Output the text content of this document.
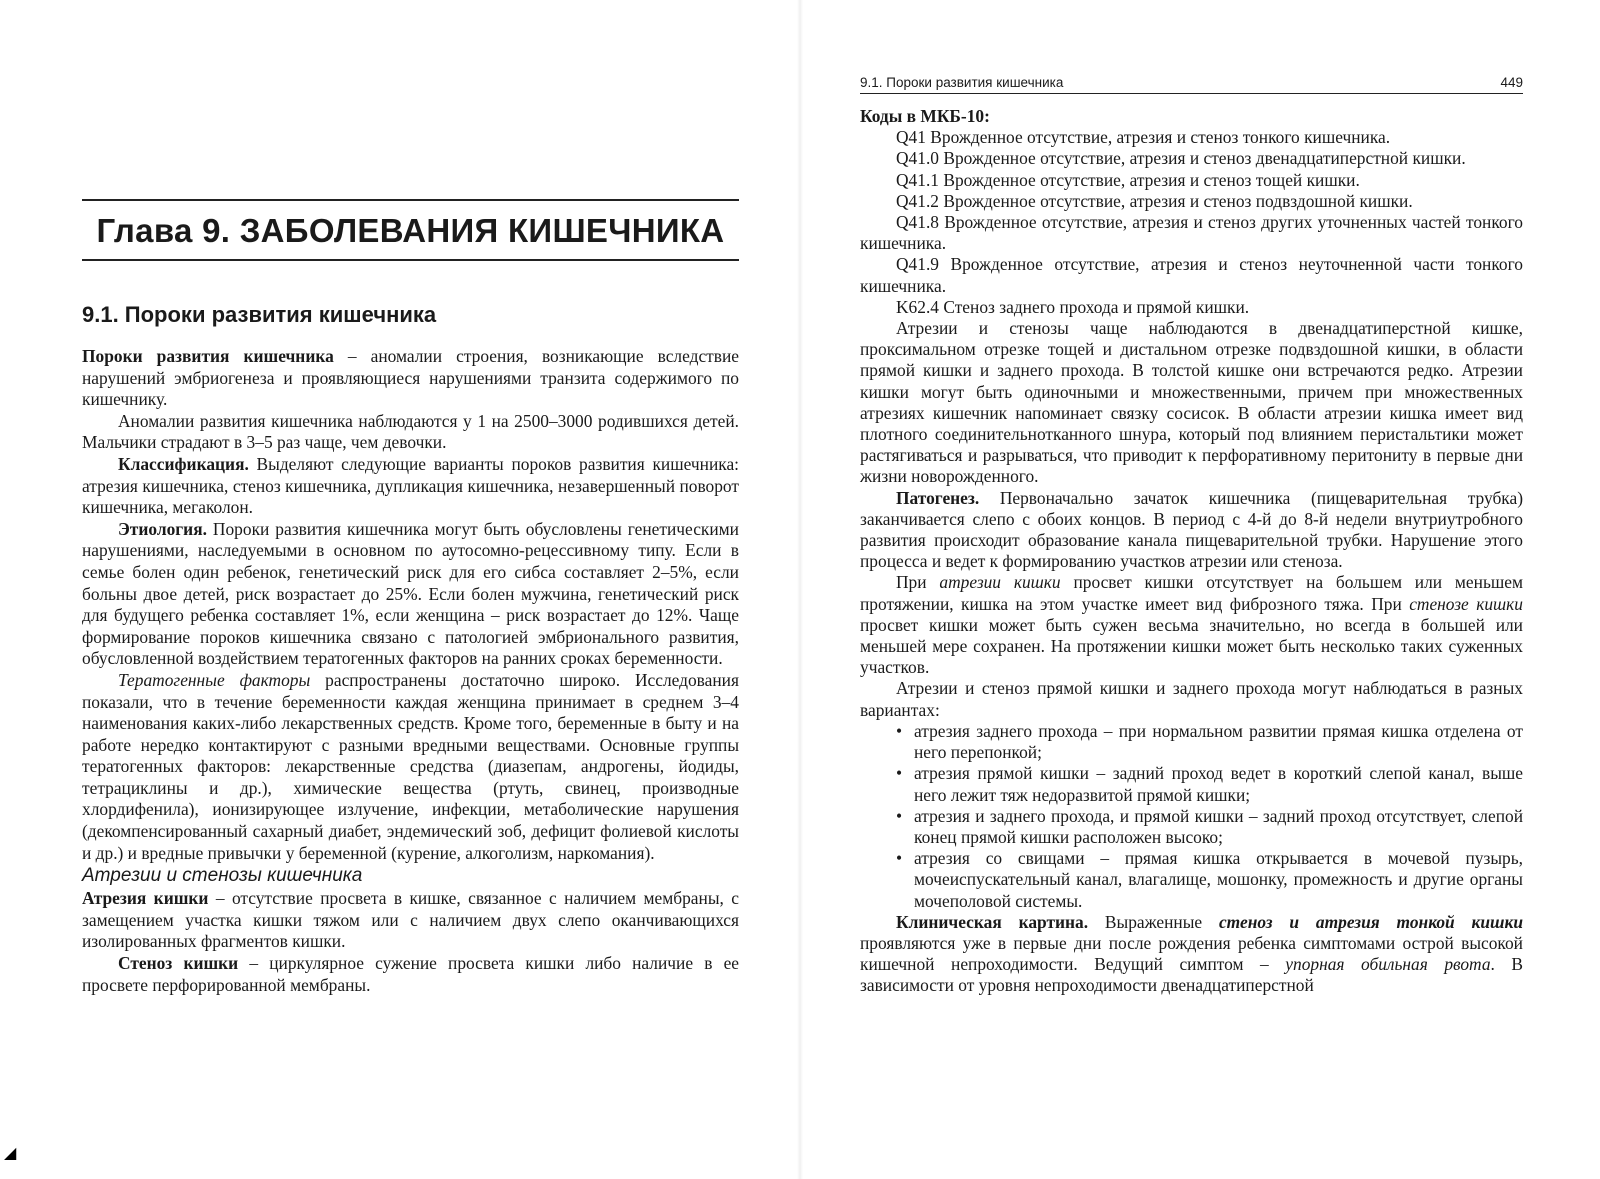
Глава 9. ЗАБОЛЕВАНИЯ КИШЕЧНИКА
9.1. Пороки развития кишечника

Пороки развития кишечника – аномалии строения, возникающие вследствие нарушений эмбриогенеза и проявляющиеся нарушениями транзита содержимого по кишечнику.

Аномалии развития кишечника наблюдаются у 1 на 2500–3000 родившихся детей. Мальчики страдают в 3–5 раз чаще, чем девочки.

Классификация. Выделяют следующие варианты пороков развития кишечника: атрезия кишечника, стеноз кишечника, дупликация кишечника, незавершенный поворот кишечника, мегаколон.

Этиология. Пороки развития кишечника могут быть обусловлены генетическими нарушениями, наследуемыми в основном по аутосомно-рецессивному типу. Если в семье болен один ребенок, генетический риск для его сибса составляет 2–5%, если больны двое детей, риск возрастает до 25%. Если болен мужчина, генетический риск для будущего ребенка составляет 1%, если женщина – риск возрастает до 12%. Чаще формирование пороков кишечника связано с патологией эмбрионального развития, обусловленной воздействием тератогенных факторов на ранних сроках беременности.

Тератогенные факторы распространены достаточно широко. Исследования показали, что в течение беременности каждая женщина принимает в среднем 3–4 наименования каких-либо лекарственных средств. Кроме того, беременные в быту и на работе нередко контактируют с разными вредными веществами. Основные группы тератогенных факторов: лекарственные средства (диазепам, андрогены, йодиды, тетрациклины и др.), химические вещества (ртуть, свинец, производные хлордифенила), ионизирующее излучение, инфекции, метаболические нарушения (декомпенсированный сахарный диабет, эндемический зоб, дефицит фолиевой кислоты и др.) и вредные привычки у беременной (курение, алкоголизм, наркомания).

Атрезии и стенозы кишечника

Атрезия кишки – отсутствие просвета в кишке, связанное с наличием мембраны, с замещением участка кишки тяжом или с наличием двух слепо оканчивающихся изолированных фрагментов кишки.

Стеноз кишки – циркулярное сужение просвета кишки либо наличие в ее просвете перфорированной мембраны.

9.1. Пороки развития кишечника	449

Коды в МКБ-10:

Q41 Врожденное отсутствие, атрезия и стеноз тонкого кишечника.

Q41.0 Врожденное отсутствие, атрезия и стеноз двенадцатиперстной кишки.

Q41.1 Врожденное отсутствие, атрезия и стеноз тощей кишки.

Q41.2 Врожденное отсутствие, атрезия и стеноз подвздошной кишки.

Q41.8 Врожденное отсутствие, атрезия и стеноз других уточненных частей тонкого кишечника.

Q41.9 Врожденное отсутствие, атрезия и стеноз неуточненной части тонкого кишечника.

K62.4 Стеноз заднего прохода и прямой кишки.

Атрезии и стенозы чаще наблюдаются в двенадцатиперстной кишке, проксимальном отрезке тощей и дистальном отрезке подвздошной кишки, в области прямой кишки и заднего прохода. В толстой кишке они встречаются редко. Атрезии кишки могут быть одиночными и множественными, причем при множественных атрезиях кишечник напоминает связку сосисок. В области атрезии кишка имеет вид плотного соединительнотканного шнура, который под влиянием перистальтики может растягиваться и разрываться, что приводит к перфоративному перитониту в первые дни жизни новорожденного.

Патогенез. Первоначально зачаток кишечника (пищеварительная трубка) заканчивается слепо с обоих концов. В период с 4-й до 8-й недели внутриутробного развития происходит образование канала пищеварительной трубки. Нарушение этого процесса и ведет к формированию участков атрезии или стеноза.

При атрезии кишки просвет кишки отсутствует на большем или меньшем протяжении, кишка на этом участке имеет вид фиброзного тяжа. При стенозе кишки просвет кишки может быть сужен весьма значительно, но всегда в большей или меньшей мере сохранен. На протяжении кишки может быть несколько таких суженных участков.

Атрезии и стеноз прямой кишки и заднего прохода могут наблюдаться в разных вариантах:

• атрезия заднего прохода – при нормальном развитии прямая кишка отделена от него перепонкой;
• атрезия прямой кишки – задний проход ведет в короткий слепой канал, выше него лежит тяж недоразвитой прямой кишки;
• атрезия и заднего прохода, и прямой кишки – задний проход отсутствует, слепой конец прямой кишки расположен высоко;
• атрезия со свищами – прямая кишка открывается в мочевой пузырь, мочеиспускательный канал, влагалище, мошонку, промежность и другие органы мочеполовой системы.

Клиническая картина. Выраженные стеноз и атрезия тонкой кишки проявляются уже в первые дни после рождения ребенка симптомами острой высокой кишечной непроходимости. Ведущий симптом – упорная обильная рвота. В зависимости от уровня непроходимости двенадцатиперстной

◢
